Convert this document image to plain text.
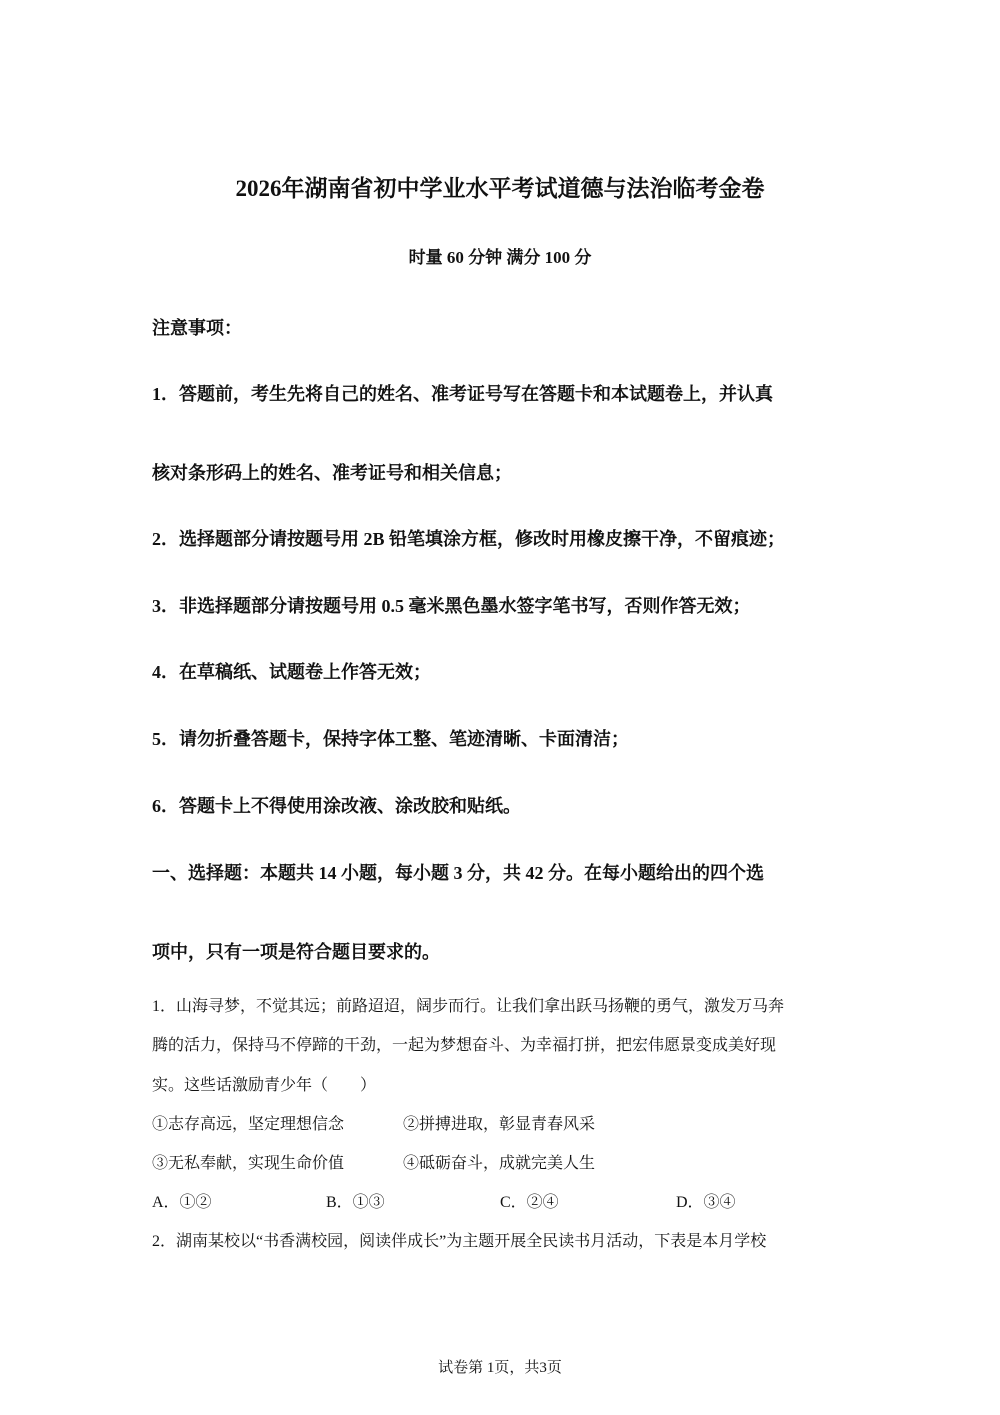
2026年湖南省初中学业水平考试道德与法治临考金卷
时量 60 分钟 满分 100 分
注意事项：
1．答题前，考生先将自己的姓名、准考证号写在答题卡和本试题卷上，并认真
核对条形码上的姓名、准考证号和相关信息；
2．选择题部分请按题号用 2B 铅笔填涂方框，修改时用橡皮擦干净，不留痕迹；
3．非选择题部分请按题号用 0.5 毫米黑色墨水签字笔书写，否则作答无效；
4．在草稿纸、试题卷上作答无效；
5．请勿折叠答题卡，保持字体工整、笔迹清晰、卡面清洁；
6．答题卡上不得使用涂改液、涂改胶和贴纸。
一、选择题：本题共 14 小题，每小题 3 分，共 42 分。在每小题给出的四个选
项中，只有一项是符合题目要求的。
1．山海寻梦，不觉其远；前路迢迢，阔步而行。让我们拿出跃马扬鞭的勇气，激发万马奔
腾的活力，保持马不停蹄的干劲，一起为梦想奋斗、为幸福打拼，把宏伟愿景变成美好现
实。这些话激励青少年（　　）
①志存高远，坚定理想信念	②拼搏进取，彰显青春风采
③无私奉献，实现生命价值	④砥砺奋斗，成就完美人生
A．①②	B．①③	C．②④	D．③④
2．湖南某校以“书香满校园，阅读伴成长”为主题开展全民读书月活动，下表是本月学校
试卷第 1页，共3页
